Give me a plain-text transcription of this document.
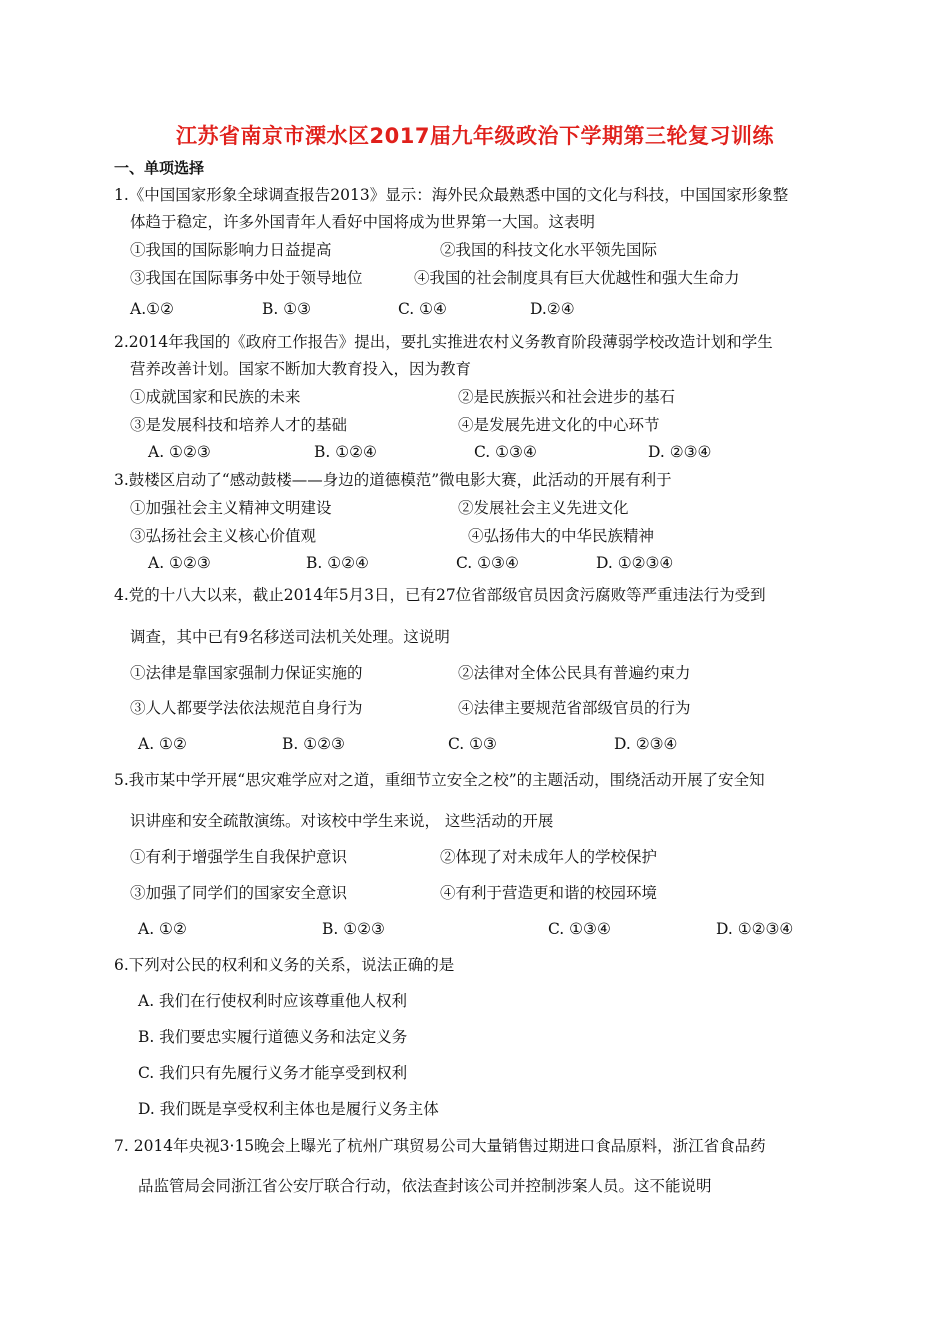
江苏省南京市溧水区2017届九年级政治下学期第三轮复习训练
一、单项选择
1.《中国国家形象全球调查报告2013》显示：海外民众最熟悉中国的文化与科技，中国国家形象整
体趋于稳定，许多外国青年人看好中国将成为世界第一大国。这表明
①我国的国际影响力日益提高	②我国的科技文化水平领先国际
③我国在国际事务中处于领导地位	④我国的社会制度具有巨大优越性和强大生命力
A.①②	B. ①③	C. ①④	D.②④
2.2014年我国的《政府工作报告》提出，要扎实推进农村义务教育阶段薄弱学校改造计划和学生
营养改善计划。国家不断加大教育投入，因为教育
①成就国家和民族的未来	②是民族振兴和社会进步的基石
③是发展科技和培养人才的基础	④是发展先进文化的中心环节
A. ①②③	B. ①②④	C. ①③④	D. ②③④
3.鼓楼区启动了“感动鼓楼——身边的道德模范”微电影大赛，此活动的开展有利于
①加强社会主义精神文明建设	②发展社会主义先进文化
③弘扬社会主义核心价值观	④弘扬伟大的中华民族精神
A. ①②③	B. ①②④	C. ①③④	D. ①②③④
4.党的十八大以来，截止2014年5月3日，已有27位省部级官员因贪污腐败等严重违法行为受到
调查，其中已有9名移送司法机关处理。这说明
①法律是靠国家强制力保证实施的	②法律对全体公民具有普遍约束力
③人人都要学法依法规范自身行为	④法律主要规范省部级官员的行为
A. ①②	B. ①②③	C. ①③	D. ②③④
5.我市某中学开展“思灾难学应对之道，重细节立安全之校”的主题活动，围绕活动开展了安全知
识讲座和安全疏散演练。对该校中学生来说， 这些活动的开展
①有利于增强学生自我保护意识	②体现了对未成年人的学校保护
③加强了同学们的国家安全意识	④有利于营造更和谐的校园环境
A. ①②	B. ①②③	C. ①③④	D. ①②③④
6.下列对公民的权利和义务的关系，说法正确的是
A. 我们在行使权利时应该尊重他人权利
B. 我们要忠实履行道德义务和法定义务
C. 我们只有先履行义务才能享受到权利
D. 我们既是享受权利主体也是履行义务主体
7. 2014年央视3·15晚会上曝光了杭州广琪贸易公司大量销售过期进口食品原料，浙江省食品药
品监管局会同浙江省公安厅联合行动，依法查封该公司并控制涉案人员。这不能说明
